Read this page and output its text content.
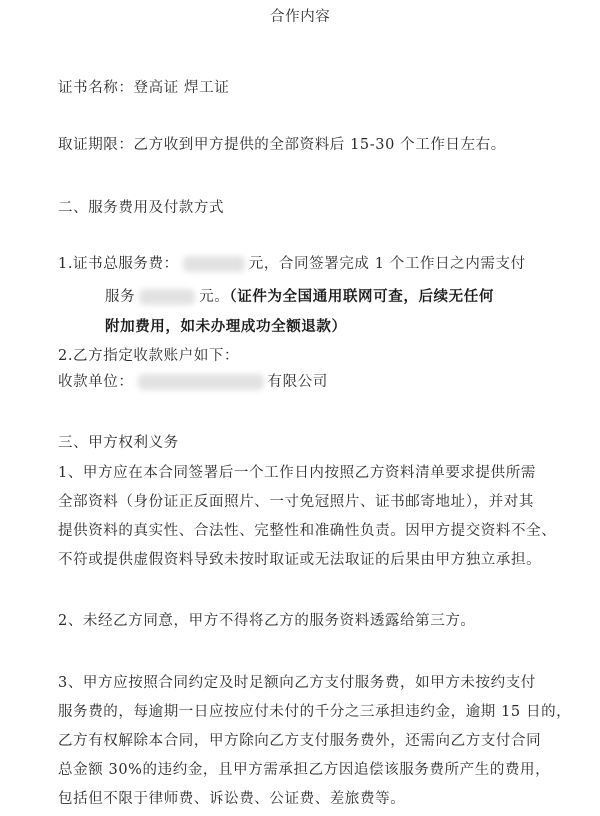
合作内容
证书名称：登高证 焊工证
取证期限：乙方收到甲方提供的全部资料后 15-30 个工作日左右。
二、服务费用及付款方式
1.证书总服务费：	元，合同签署完成 1 个工作日之内需支付
服务	元。（证件为全国通用联网可查，后续无任何
附加费用，如未办理成功全额退款）
2.乙方指定收款账户如下：
收款单位：	有限公司
三、甲方权利义务
1、甲方应在本合同签署后一个工作日内按照乙方资料清单要求提供所需
全部资料（身份证正反面照片、一寸免冠照片、证书邮寄地址），并对其
提供资料的真实性、合法性、完整性和准确性负责。因甲方提交资料不全、
不符或提供虚假资料导致未按时取证或无法取证的后果由甲方独立承担。
2、未经乙方同意，甲方不得将乙方的服务资料透露给第三方。
3、甲方应按照合同约定及时足额向乙方支付服务费，如甲方未按约支付
服务费的，每逾期一日应按应付未付的千分之三承担违约金，逾期 15 日的，
乙方有权解除本合同，甲方除向乙方支付服务费外，还需向乙方支付合同
总金额 30%的违约金，且甲方需承担乙方因追偿该服务费所产生的费用，
包括但不限于律师费、诉讼费、公证费、差旅费等。
